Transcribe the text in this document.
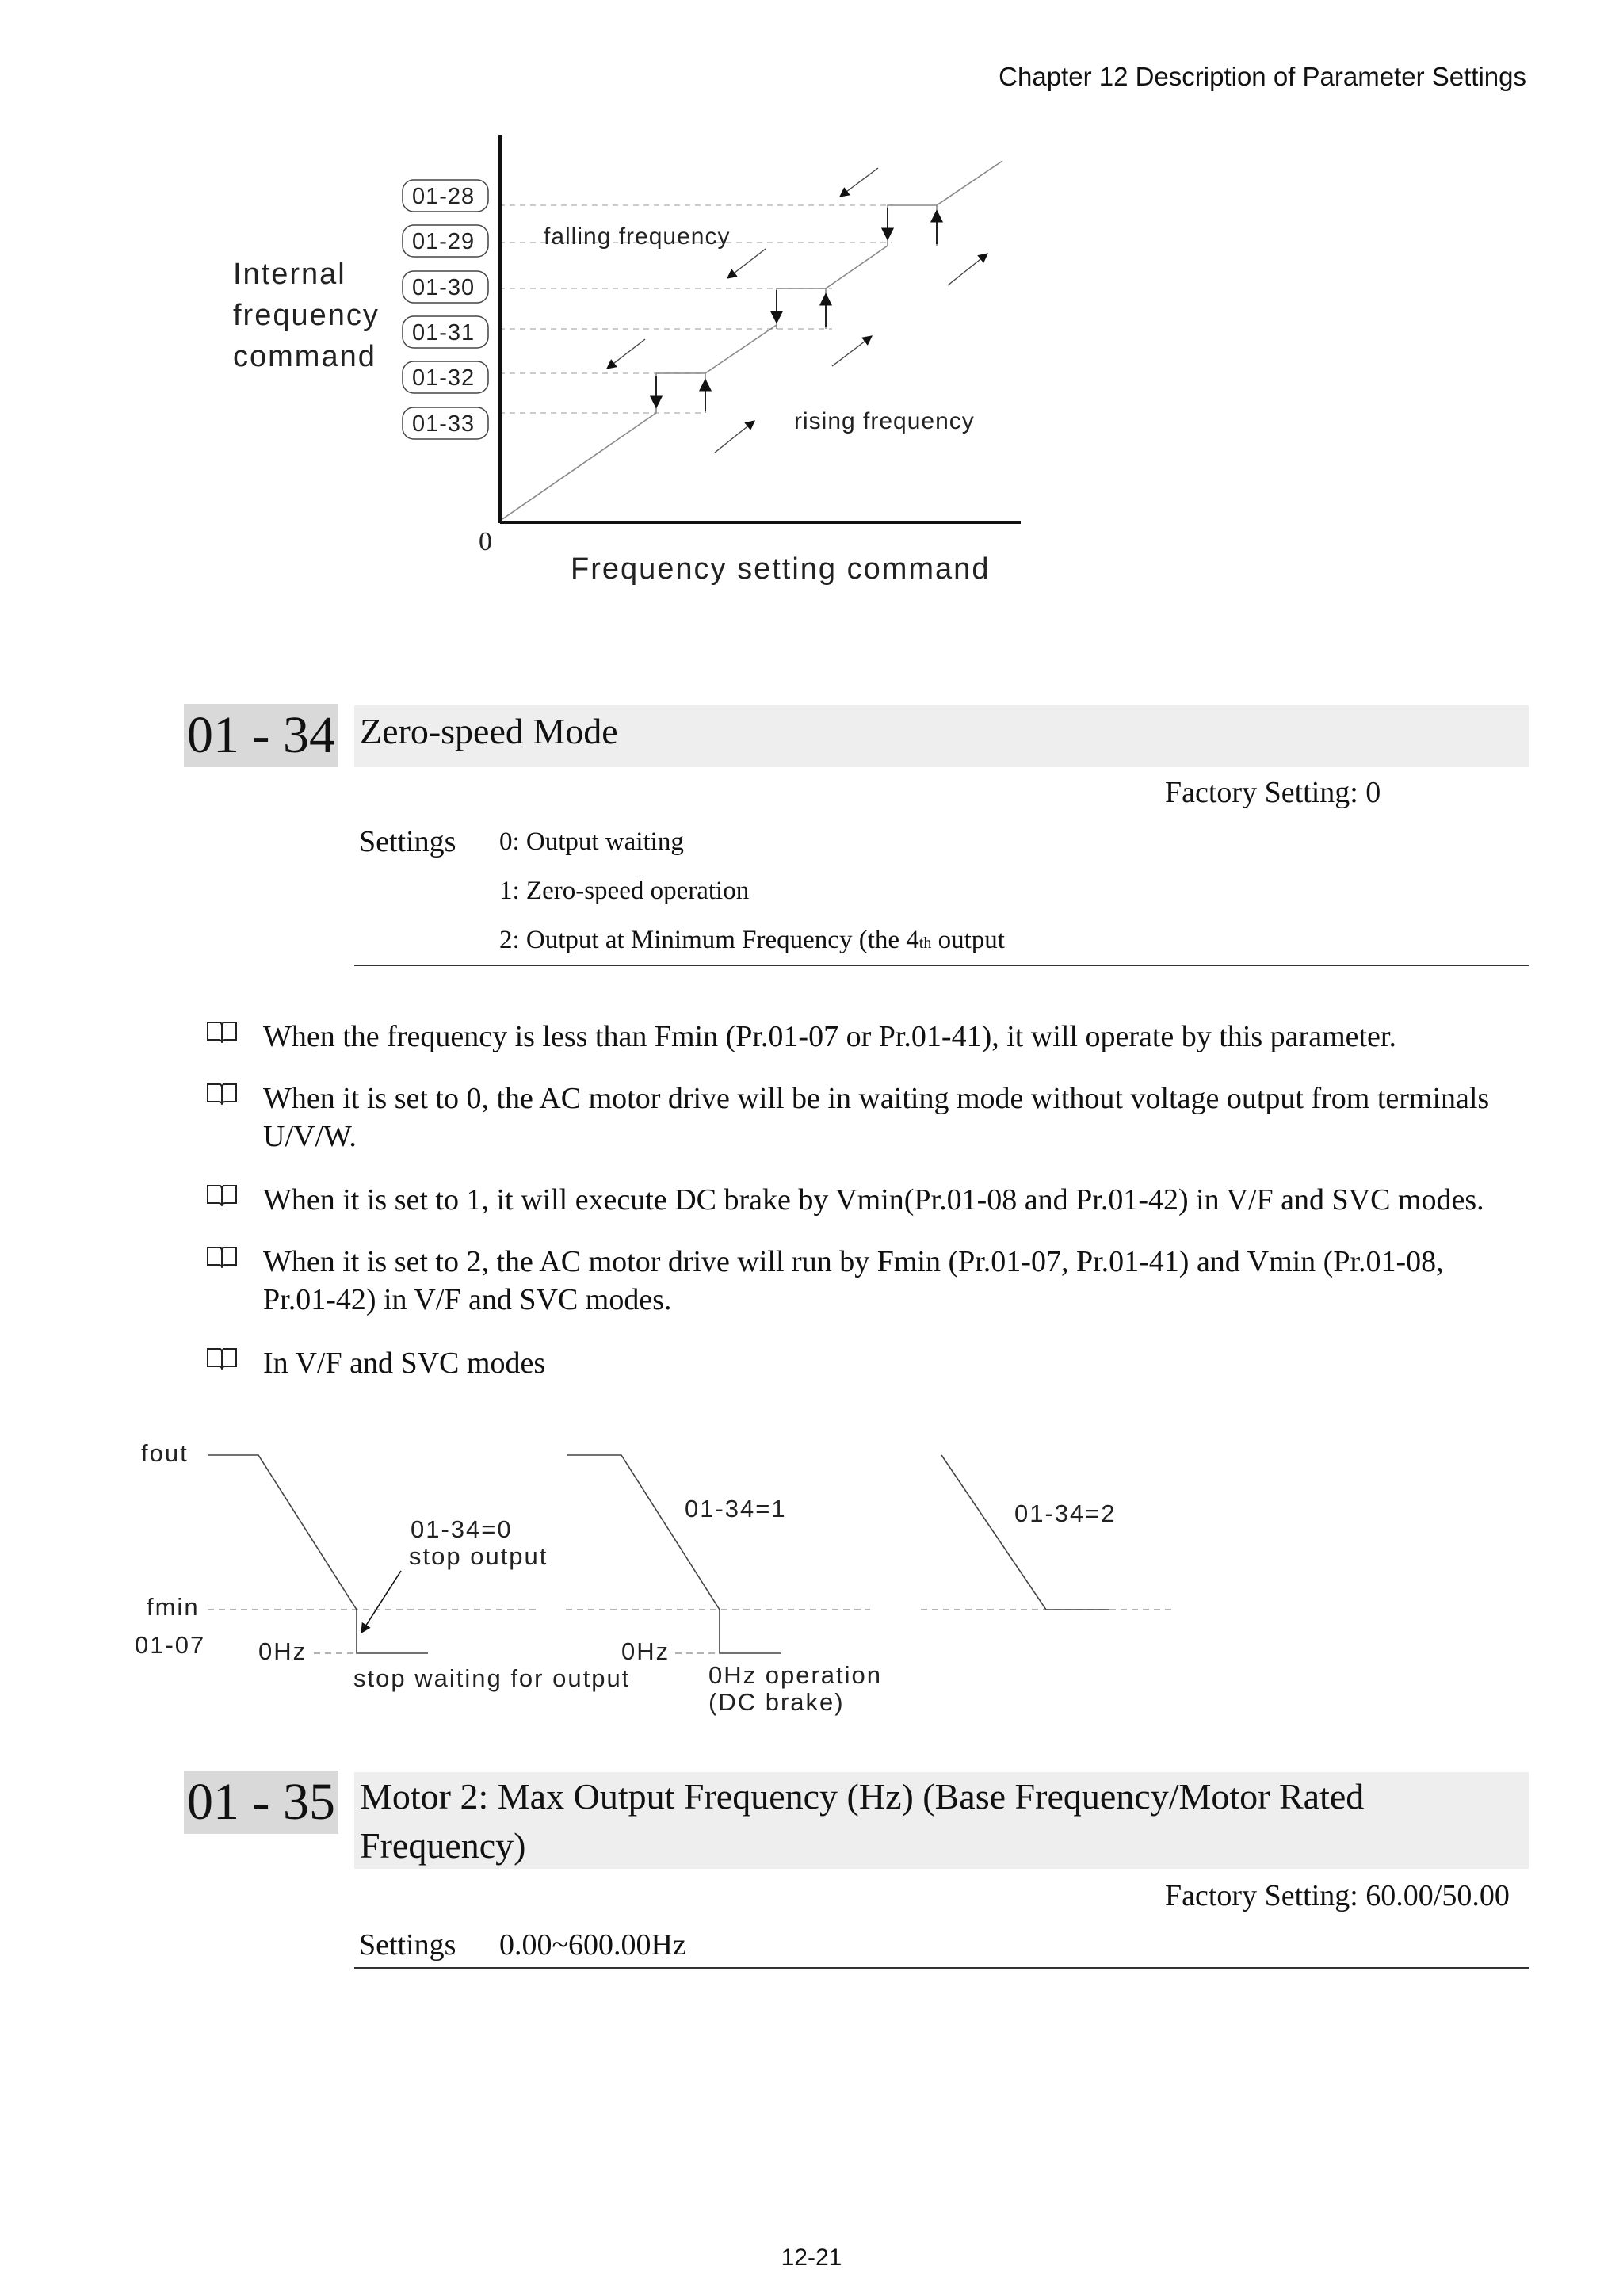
Chapter 12 Description of Parameter Settings
Internal
frequency
command
01-28
01-29
01-30
01-31
01-32
01-33
falling frequency
rising frequency
0
Frequency setting command
01 - 34 Zero-speed Mode
Factory Setting: 0
Settings 0: Output waiting
1: Zero-speed operation
2: Output at Minimum Frequency (the 4th output
When the frequency is less than Fmin (Pr.01-07 or Pr.01-41), it will operate by this parameter.
When it is set to 0, the AC motor drive will be in waiting mode without voltage output from terminals U/V/W.
When it is set to 1, it will execute DC brake by Vmin(Pr.01-08 and Pr.01-42) in V/F and SVC modes.
When it is set to 2, the AC motor drive will run by Fmin (Pr.01-07, Pr.01-41) and Vmin (Pr.01-08, Pr.01-42) in V/F and SVC modes.
In V/F and SVC modes
fout
fmin
01-07
01-34=0
stop output
0Hz
stop waiting for output
01-34=1
0Hz
0Hz operation
(DC brake)
01-34=2
01 - 35 Motor 2: Max Output Frequency (Hz) (Base Frequency/Motor Rated Frequency)
Factory Setting: 60.00/50.00
Settings 0.00~600.00Hz
12-21
